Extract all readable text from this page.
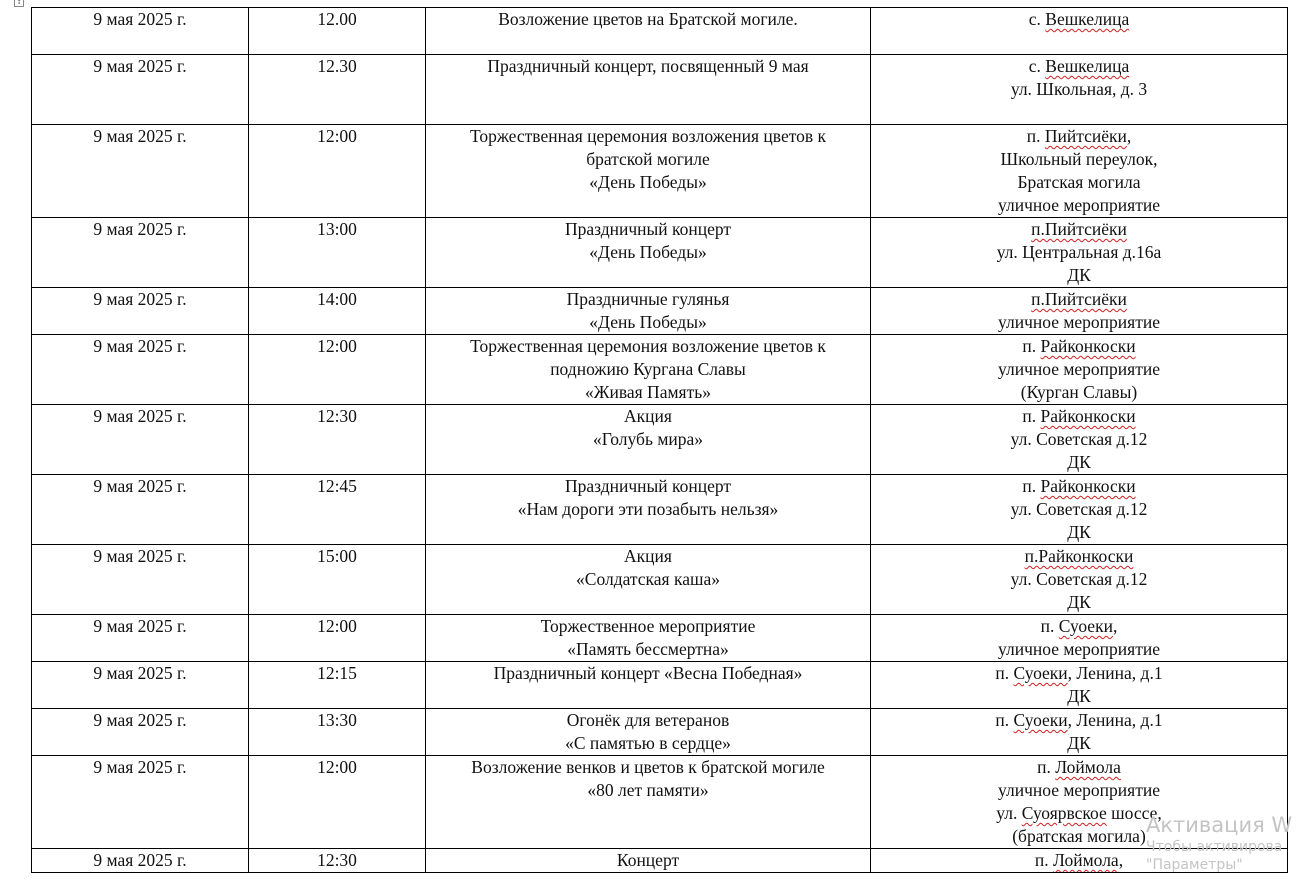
↕
9 мая 2025 г.	12.00	Возложение цветов на Братской могиле.	с. Вешкелица

9 мая 2025 г.	12.30	Праздничный концерт, посвященный 9 мая	с. Вешкелица
ул. Школьная, д. 3

9 мая 2025 г.	12:00	Торжественная церемония возложения цветов к
братской могиле
«День Победы»	п. Пийтсиёки,
Школьный переулок,
Братская могила
уличное мероприятие

9 мая 2025 г.	13:00	Праздничный концерт
«День Победы»	п.Пийтсиёки
ул. Центральная д.16а
ДК

9 мая 2025 г.	14:00	Праздничные гулянья
«День Победы»	п.Пийтсиёки
уличное мероприятие

9 мая 2025 г.	12:00	Торжественная церемония возложение цветов к
подножию Кургана Славы
«Живая Память»	п. Райконкоски
уличное мероприятие
(Курган Славы)

9 мая 2025 г.	12:30	Акция
«Голубь мира»	п. Райконкоски
ул. Советская д.12
ДК

9 мая 2025 г.	12:45	Праздничный концерт
«Нам дороги эти позабыть нельзя»	п. Райконкоски
ул. Советская д.12
ДК

9 мая 2025 г.	15:00	Акция
«Солдатская каша»	п.Райконкоски
ул. Советская д.12
ДК

9 мая 2025 г.	12:00	Торжественное мероприятие
«Память бессмертна»	п. Суоеки,
уличное мероприятие

9 мая 2025 г.	12:15	Праздничный концерт «Весна Победная»	п. Суоеки, Ленина, д.1
ДК

9 мая 2025 г.	13:30	Огонёк для ветеранов
«С памятью в сердце»	п. Суоеки, Ленина, д.1
ДК

9 мая 2025 г.	12:00	Возложение венков и цветов к братской могиле
«80 лет памяти»	п. Лоймола
уличное мероприятие
ул. Суоярвское шоссе,
(братская могила)

9 мая 2025 г.	12:30	Концерт	п. Лоймола,
Активация W
Чтобы активирова
"Параметры"
